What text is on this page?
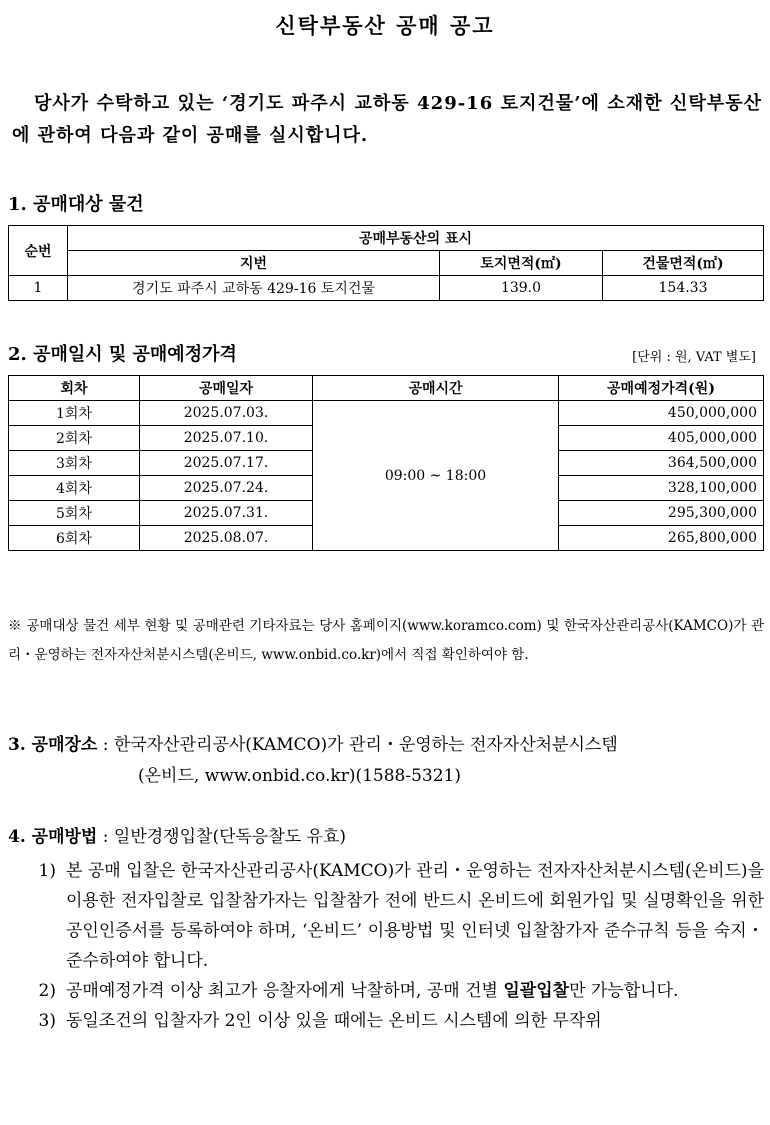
신탁부동산 공매 공고
당사가 수탁하고 있는 ‘경기도 파주시 교하동 429-16 토지건물’에 소재한 신탁부동산에 관하여 다음과 같이 공매를 실시합니다.
1. 공매대상 물건
순번	공매부동산의 표시		
	지번	토지면적(㎡)	건물면적(㎡)
1	경기도 파주시 교하동 429-16 토지건물	139.0	154.33
2. 공매일시 및 공매예정가격	[단위 : 원, VAT 별도]
회차	공매일자	공매시간	공매예정가격(원)
1회차	2025.07.03.	09:00 ~ 18:00	450,000,000
2회차	2025.07.10.		405,000,000
3회차	2025.07.17.		364,500,000
4회차	2025.07.24.		328,100,000
5회차	2025.07.31.		295,300,000
6회차	2025.08.07.		265,800,000
※ 공매대상 물건 세부 현황 및 공매관련 기타자료는 당사 홈페이지(www.koramco.com) 및 한국자산관리공사(KAMCO)가 관리・운영하는 전자자산처분시스템(온비드, www.onbid.co.kr)에서 직접 확인하여야 함.
3. 공매장소 : 한국자산관리공사(KAMCO)가 관리・운영하는 전자자산처분시스템
(온비드, www.onbid.co.kr)(1588-5321)
4. 공매방법 : 일반경쟁입찰(단독응찰도 유효)
1) 본 공매 입찰은 한국자산관리공사(KAMCO)가 관리・운영하는 전자자산처분시스템(온비드)을 이용한 전자입찰로 입찰참가자는 입찰참가 전에 반드시 온비드에 회원가입 및 실명확인을 위한 공인인증서를 등록하여야 하며, ‘온비드’ 이용방법 및 인터넷 입찰참가자 준수규칙 등을 숙지・준수하여야 합니다.
2) 공매예정가격 이상 최고가 응찰자에게 낙찰하며, 공매 건별 일괄입찰만 가능합니다.
3) 동일조건의 입찰자가 2인 이상 있을 때에는 온비드 시스템에 의한 무작위
